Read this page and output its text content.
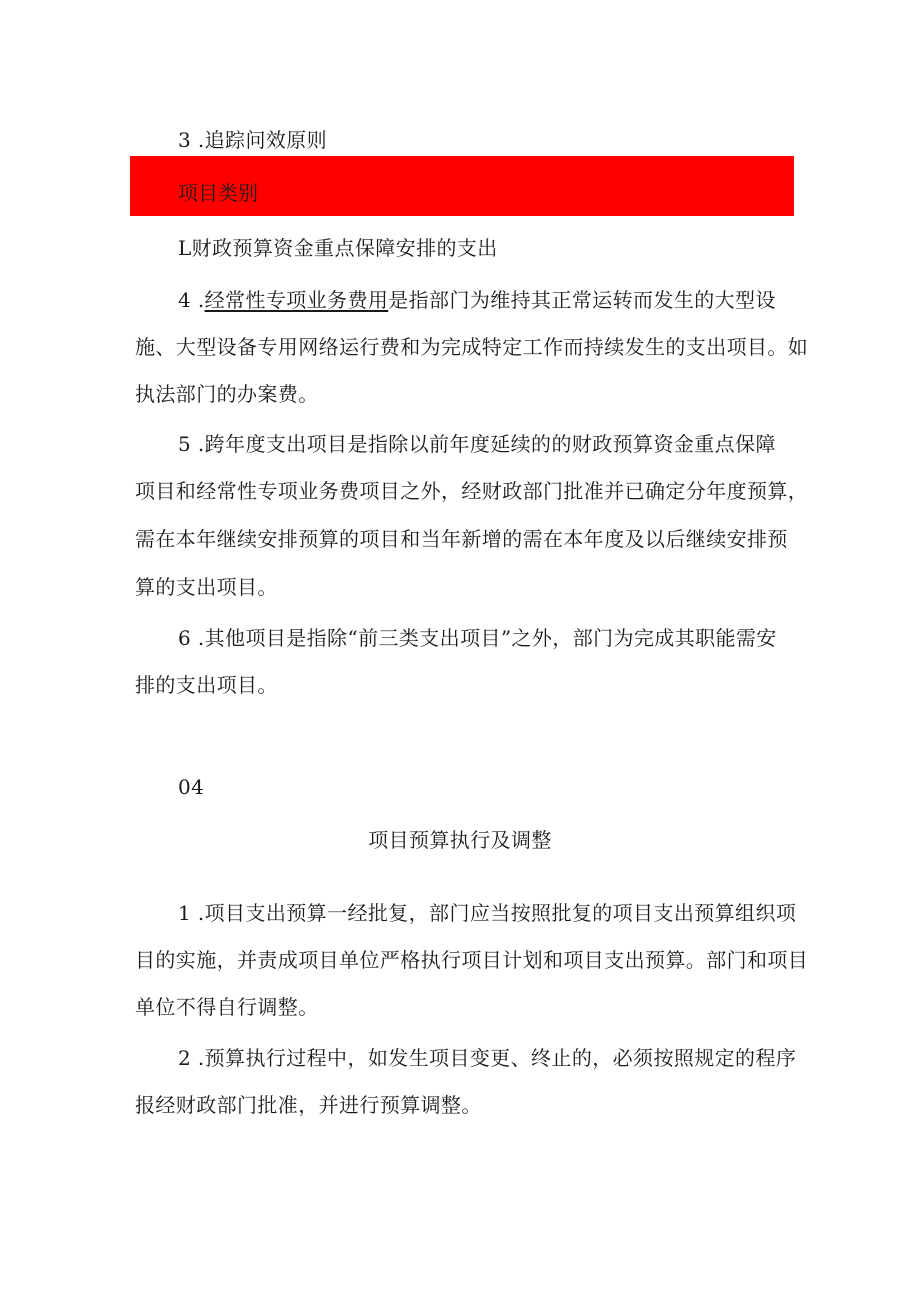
3 .追踪问效原则
项目类别
L财政预算资金重点保障安排的支出
4 .经常性专项业务费用是指部门为维持其正常运转而发生的大型设
施、大型设备专用网络运行费和为完成特定工作而持续发生的支出项目。如
执法部门的办案费。
5 .跨年度支出项目是指除以前年度延续的的财政预算资金重点保障
项目和经常性专项业务费项目之外，经财政部门批准并已确定分年度预算，
需在本年继续安排预算的项目和当年新增的需在本年度及以后继续安排预
算的支出项目。
6 .其他项目是指除“前三类支出项目”之外，部门为完成其职能需安
排的支出项目。
04
项目预算执行及调整
1 .项目支出预算一经批复，部门应当按照批复的项目支出预算组织项
目的实施，并责成项目单位严格执行项目计划和项目支出预算。部门和项目
单位不得自行调整。
2 .预算执行过程中，如发生项目变更、终止的，必须按照规定的程序
报经财政部门批准，并进行预算调整。
